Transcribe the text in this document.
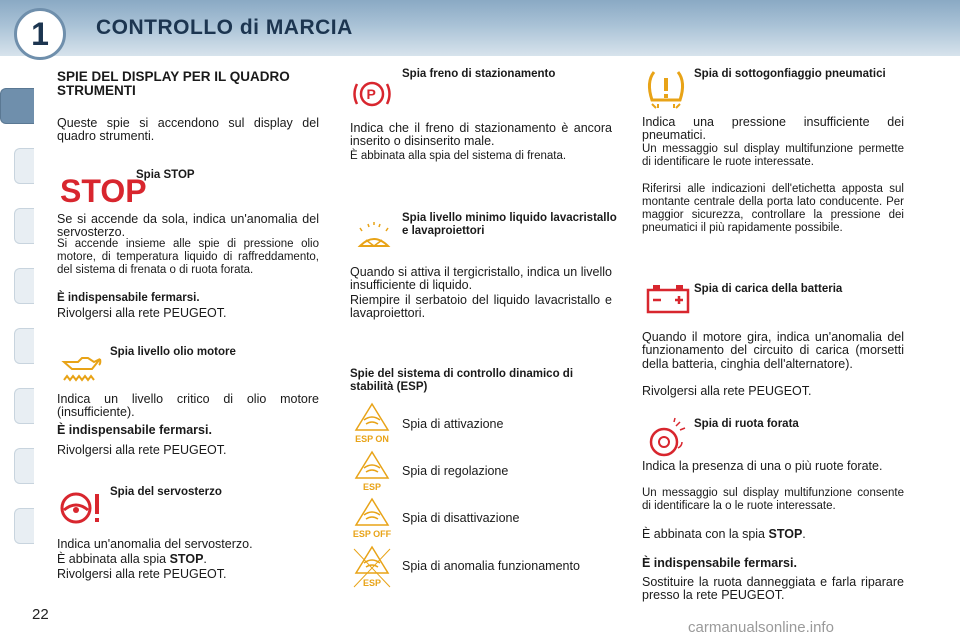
1	CONTROLLO di MARCIA
SPIE DEL DISPLAY PER IL QUADRO STRUMENTI
Queste spie si accendono sul display del quadro strumenti.
STOP
Spia STOP
Se si accende da sola, indica un'anomalia del servosterzo.
Si accende insieme alle spie di pressione olio motore, di temperatura liquido di raffreddamento, del sistema di frenata o di ruota forata.
È indispensabile fermarsi.
Rivolgersi alla rete PEUGEOT.
Spia livello olio motore
Indica un livello critico di olio motore (insufficiente).
È indispensabile fermarsi.
Rivolgersi alla rete PEUGEOT.
Spia del servosterzo
Indica un'anomalia del servosterzo.
È abbinata alla spia STOP.
Rivolgersi alla rete PEUGEOT.
P
Spia freno di stazionamento
Indica che il freno di stazionamento è ancora inserito o disinserito male.
È abbinata alla spia del sistema di frenata.
Spia livello minimo liquido lavacristallo e lavaproiettori
Quando si attiva il tergicristallo, indica un livello insufficiente di liquido.
Riempire il serbatoio del liquido lavacristallo e lavaproiettori.
Spie del sistema di controllo dinamico di stabilità (ESP)
ESP ON
Spia di attivazione
ESP
Spia di regolazione
ESP OFF
Spia di disattivazione
ESP
Spia di anomalia funzionamento
Spia di sottogonfiaggio pneumatici
Indica una pressione insufficiente dei pneumatici.
Un messaggio sul display multifunzione permette di identificare le ruote interessate.
Riferirsi alle indicazioni dell'etichetta apposta sul montante centrale della porta lato conducente. Per maggior sicurezza, controllare la pressione dei pneumatici il più rapidamente possibile.
Spia di carica della batteria
Quando il motore gira, indica un'anomalia del funzionamento del circuito di carica (morsetti della batteria, cinghia dell'alternatore).
Rivolgersi alla rete PEUGEOT.
Spia di ruota forata
Indica la presenza di una o più ruote forate.
Un messaggio sul display multifunzione consente di identificare la o le ruote interessate.
È abbinata con la spia STOP.
È indispensabile fermarsi.
Sostituire la ruota danneggiata e farla riparare presso la rete PEUGEOT.
22
carmanualsonline.info
